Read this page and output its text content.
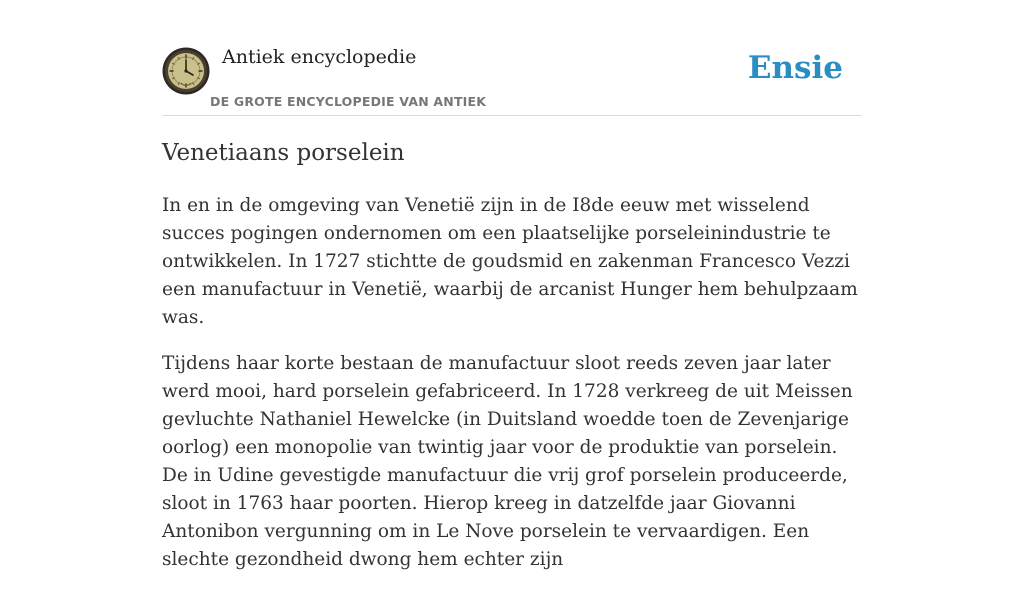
Antiek encyclopedie
DE GROTE ENCYCLOPEDIE VAN ANTIEK
Ensie
Venetiaans porselein

In en in de omgeving van Venetië zijn in de I8de eeuw met wisselend succes pogingen ondernomen om een plaatselijke porseleinindustrie te ontwikkelen. In 1727 stichtte de goudsmid en zakenman Francesco Vezzi een manufactuur in Venetië, waarbij de arcanist Hunger hem behulpzaam was.

Tijdens haar korte bestaan de manufactuur sloot reeds zeven jaar later werd mooi, hard porselein gefabriceerd. In 1728 verkreeg de uit Meissen gevluchte Nathaniel Hewelcke (in Duitsland woedde toen de Zevenjarige oorlog) een monopolie van twintig jaar voor de produktie van porselein. De in Udine gevestigde manufactuur die vrij grof porselein produceerde, sloot in 1763 haar poorten. Hierop kreeg in datzelfde jaar Giovanni Antonibon vergunning om in Le Nove porselein te vervaardigen. Een slechte gezondheid dwong hem echter zijn
